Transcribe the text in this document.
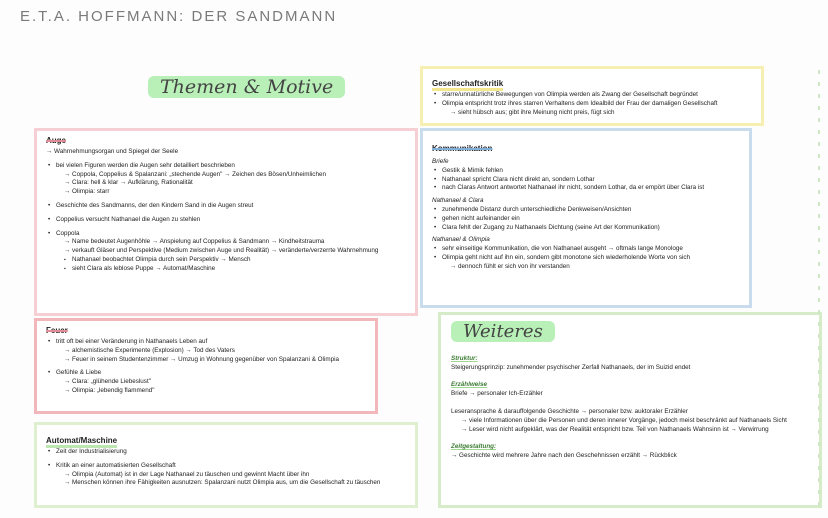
E.T.A. HOFFMANN: DER SANDMANN
Themen & Motive
Auge
→ Wahrnehmungsorgan und Spiegel der Seele
• bei vielen Figuren werden die Augen sehr detailliert beschrieben
→ Coppola, Coppelius & Spalanzani: „stechende Augen" → Zeichen des Bösen/Unheimlichen
→ Clara: hell & klar → Aufklärung, Rationalität
→ Olimpia: starr
• Geschichte des Sandmanns, der den Kindern Sand in die Augen streut
• Coppelius versucht Nathanael die Augen zu stehlen
• Coppola
→ Name bedeutet Augenhöhle → Anspielung auf Coppelius & Sandmann → Kindheitstrauma
→ verkauft Gläser und Perspektive (Medium zwischen Auge und Realität) → veränderte/verzerrte Wahrnehmung
▪ Nathanael beobachtet Olimpia durch sein Perspektiv → Mensch
▪ sieht Clara als leblose Puppe → Automat/Maschine
Feuer
• tritt oft bei einer Veränderung in Nathanaels Leben auf
→ alchemistische Experimente (Explosion) → Tod des Vaters
→ Feuer in seinem Studentenzimmer → Umzug in Wohnung gegenüber von Spalanzani & Olimpia
• Gefühle & Liebe
→ Clara: „glühende Liebeslust"
→ Olimpia: „lebendig flammend"
Automat/Maschine
• Zeit der Industrialisierung
• Kritik an einer automatisierten Gesellschaft
→ Olimpia (Automat) ist in der Lage Nathanael zu täuschen und gewinnt Macht über ihn
→ Menschen können ihre Fähigkeiten ausnutzen: Spalanzani nutzt Olimpia aus, um die Gesellschaft zu täuschen
Gesellschaftskritik
• starre/unnatürliche Bewegungen von Olimpia werden als Zwang der Gesellschaft begründet
• Olimpia entspricht trotz ihres starren Verhaltens dem Idealbild der Frau der damaligen Gesellschaft
→ sieht hübsch aus; gibt ihre Meinung nicht preis, fügt sich
Kommunikation
Briefe
• Gestik & Mimik fehlen
• Nathanael spricht Clara nicht direkt an, sondern Lothar
• nach Claras Antwort antwortet Nathanael ihr nicht, sondern Lothar, da er empört über Clara ist
Nathanael & Clara
• zunehmende Distanz durch unterschiedliche Denkweisen/Ansichten
• gehen nicht aufeinander ein
• Clara fehlt der Zugang zu Nathanaels Dichtung (seine Art der Kommunikation)
Nathanael & Olimpia
• sehr einseitige Kommunikation, die von Nathanael ausgeht → oftmals lange Monologe
• Olimpia geht nicht auf ihn ein, sondern gibt monotone sich wiederholende Worte von sich
→ dennoch fühlt er sich von ihr verstanden
Weiteres
Struktur:
Steigerungsprinzip: zunehmender psychischer Zerfall Nathanaels, der im Suizid endet
Erzählweise
Briefe → personaler Ich-Erzähler
Leseransprache & darauffolgende Geschichte → personaler bzw. auktoraler Erzähler
→ viele Informationen über die Personen und deren innerer Vorgänge, jedoch meist beschränkt auf Nathanaels Sicht
→ Leser wird nicht aufgeklärt, was der Realität entspricht bzw. Teil von Nathanaels Wahnsinn ist → Verwirrung
Zeitgestaltung:
→ Geschichte wird mehrere Jahre nach den Geschehnissen erzählt → Rückblick
